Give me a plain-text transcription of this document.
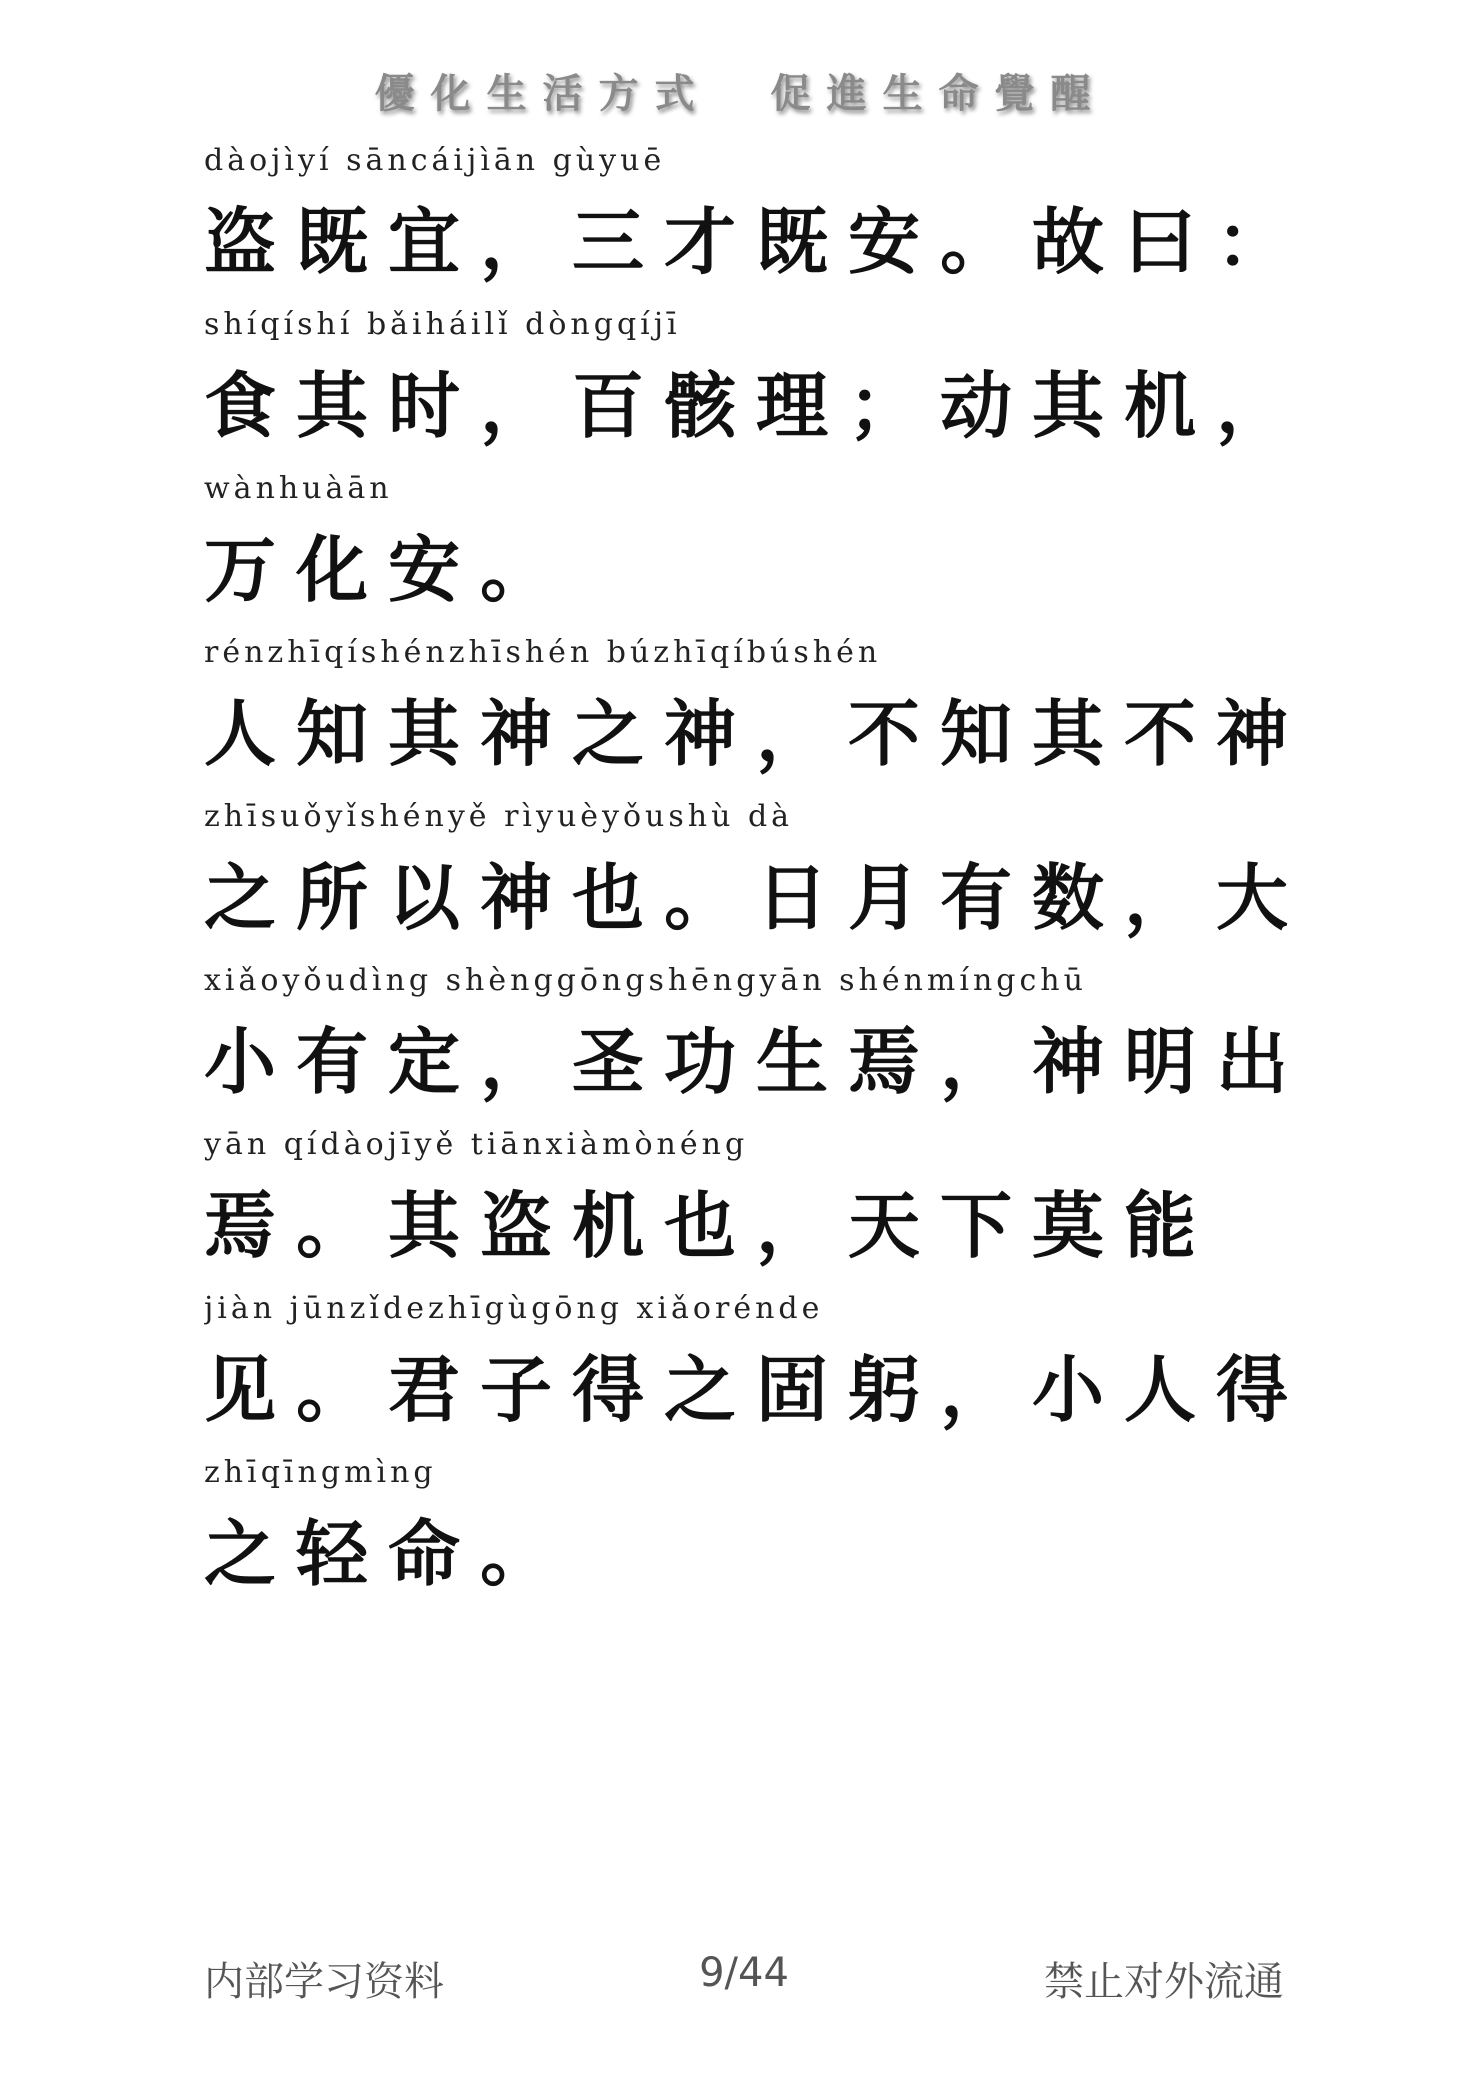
優化生活方式 促進生命覺醒
dàojìyí sāncáijìān gùyuē
盗既宜，三才既安。故曰：
shíqíshí bǎiháilǐ dòngqíjī
食其时，百骸理；动其机，
wànhuàān
万化安。
rénzhīqíshénzhīshén búzhīqíbúshén
人知其神之神，不知其不神
zhīsuǒyǐshényě rìyuèyǒushù dà
之所以神也。日月有数，大
xiǎoyǒudìng shènggōngshēngyān shénmíngchū
小有定，圣功生焉，神明出
yān qídàojīyě tiānxiàmònéng
焉。其盗机也，天下莫能
jiàn jūnzǐdezhīgùgōng xiǎorénde
见。君子得之固躬，小人得
zhīqīngmìng
之轻命。
内部学习资料	9/44	禁止对外流通
